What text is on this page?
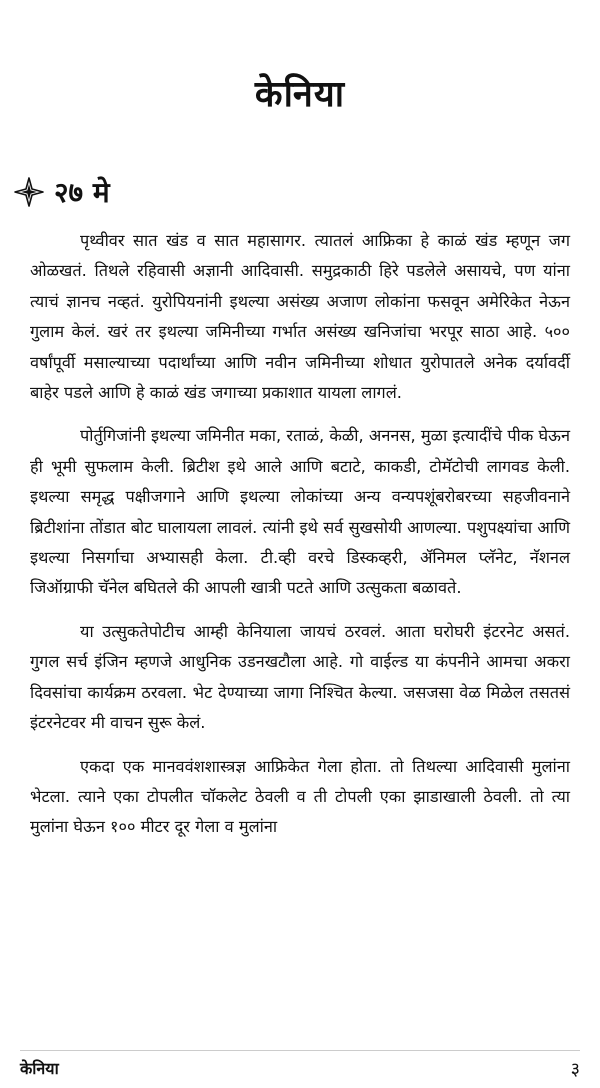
केनिया
२७ मे

पृथ्वीवर सात खंड व सात महासागर. त्यातलं आफ्रिका हे काळं खंड म्हणून जग ओळखतं. तिथले रहिवासी अज्ञानी आदिवासी. समुद्रकाठी हिरे पडलेले असायचे, पण यांना त्याचं ज्ञानच नव्हतं. युरोपियनांनी इथल्या असंख्य अजाण लोकांना फसवून अमेरिकेत नेऊन गुलाम केलं. खरं तर इथल्या जमिनीच्या गर्भात असंख्य खनिजांचा भरपूर साठा आहे. ५०० वर्षांपूर्वी मसाल्याच्या पदार्थांच्या आणि नवीन जमिनीच्या शोधात युरोपातले अनेक दर्यावर्दी बाहेर पडले आणि हे काळं खंड जगाच्या प्रकाशात यायला लागलं.

पोर्तुगिजांनी इथल्या जमिनीत मका, रताळं, केळी, अननस, मुळा इत्यादींचे पीक घेऊन ही भूमी सुफलाम केली. ब्रिटीश इथे आले आणि बटाटे, काकडी, टोमॅटोची लागवड केली. इथल्या समृद्ध पक्षीजगाने आणि इथल्या लोकांच्या अन्य वन्यपशूंबरोबरच्या सहजीवनाने ब्रिटीशांना तोंडात बोट घालायला लावलं. त्यांनी इथे सर्व सुखसोयी आणल्या. पशुपक्ष्यांचा आणि इथल्या निसर्गाचा अभ्यासही केला. टी.व्ही वरचे डिस्कव्हरी, ॲनिमल प्लॅनेट, नॅशनल जिऑग्राफी चॅनेल बघितले की आपली खात्री पटते आणि उत्सुकता बळावते.

या उत्सुकतेपोटीच आम्ही केनियाला जायचं ठरवलं. आता घरोघरी इंटरनेट असतं. गुगल सर्च इंजिन म्हणजे आधुनिक उडनखटौला आहे. गो वाईल्ड या कंपनीने आमचा अकरा दिवसांचा कार्यक्रम ठरवला. भेट देण्याच्या जागा निश्चित केल्या. जसजसा वेळ मिळेल तसतसं इंटरनेटवर मी वाचन सुरू केलं.

एकदा एक मानववंशशास्त्रज्ञ आफ्रिकेत गेला होता. तो तिथल्या आदिवासी मुलांना भेटला. त्याने एका टोपलीत चॉकलेट ठेवली व ती टोपली एका झाडाखाली ठेवली. तो त्या मुलांना घेऊन १०० मीटर दूर गेला व मुलांना

केनिया	३
